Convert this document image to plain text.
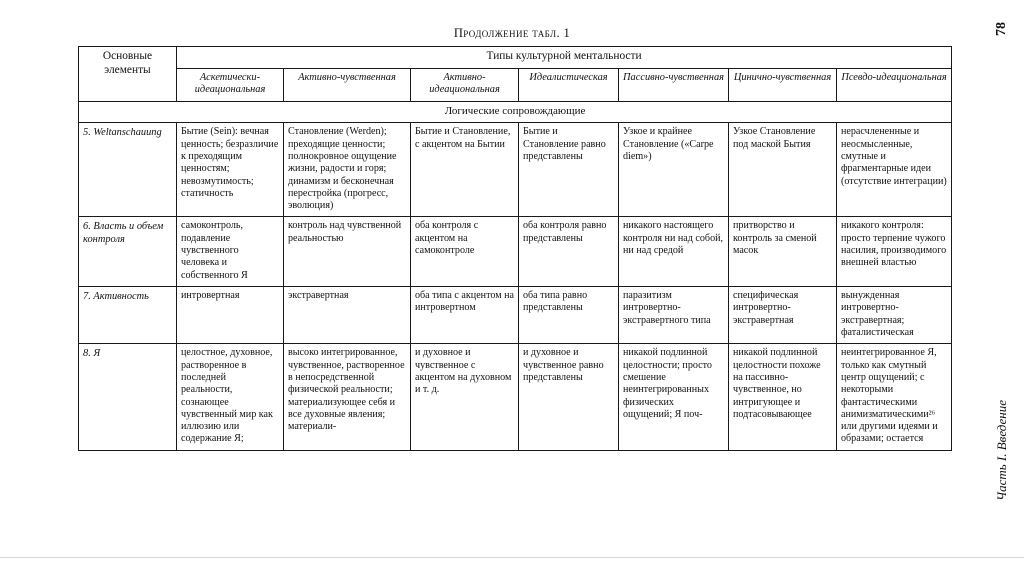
Продолжение табл. 1	78
Часть I. Введение
Основные элементы	Типы культурной ментальности						
	Аскетически-идеациональная	Активно-чувственная	Активно-идеациональная	Идеалистическая	Пассивно-чувственная	Цинично-чувственная	Псевдо-идеациональная
Логические сопровождающие							
5. Weltanschauung	Бытие (Sein): вечная ценность; безразличие к преходящим ценностям; невозмутимость; статичность	Становление (Werden); преходящие ценности; полнокровное ощущение жизни, радости и горя; динамизм и бесконечная перестройка (прогресс, эволюция)	Бытие и Становление, с акцентом на Бытии	Бытие и Становление равно представлены	Узкое и крайнее Становление («Carpe diem»)	Узкое Становление под маской Бытия	нерасчлененные и неосмысленные, смутные и фрагментарные идеи (отсутствие интеграции)
6. Власть и объем контроля	самоконтроль, подавление чувственного человека и собственного Я	контроль над чувственной реальностью	оба контроля с акцентом на самоконтроле	оба контроля равно представлены	никакого настоящего контроля ни над собой, ни над средой	притворство и контроль за сменой масок	никакого контроля: просто терпение чужого насилия, производимого внешней властью
7. Активность	интровертная	экстравертная	оба типа с акцентом на интровертном	оба типа равно представлены	паразитизм интровертно-экстравертного типа	специфическая интровертно-экстравертная	вынужденная интровертно-экстравертная; фаталистическая
8. Я	целостное, духовное, растворенное в последней реальности, сознающее чувственный мир как иллюзию или содержание Я;	высоко интегрированное, чувственное, растворенное в непосредственной физической реальности; материализующее себя и все духовные явления; материали-	и духовное и чувственное с акцентом на духовном и т. д.	и духовное и чувственное равно представлены	никакой подлинной целостности; просто смешение неинтегрированных физических ощущений; Я поч-	никакой подлинной целостности похоже на пассивно-чувственное, но интригующее и подтасовывающее	неинтегрированное Я, только как смутный центр ощущений; с некоторыми фантастическими анимизматическими²⁶ или другими идеями и образами; остается
